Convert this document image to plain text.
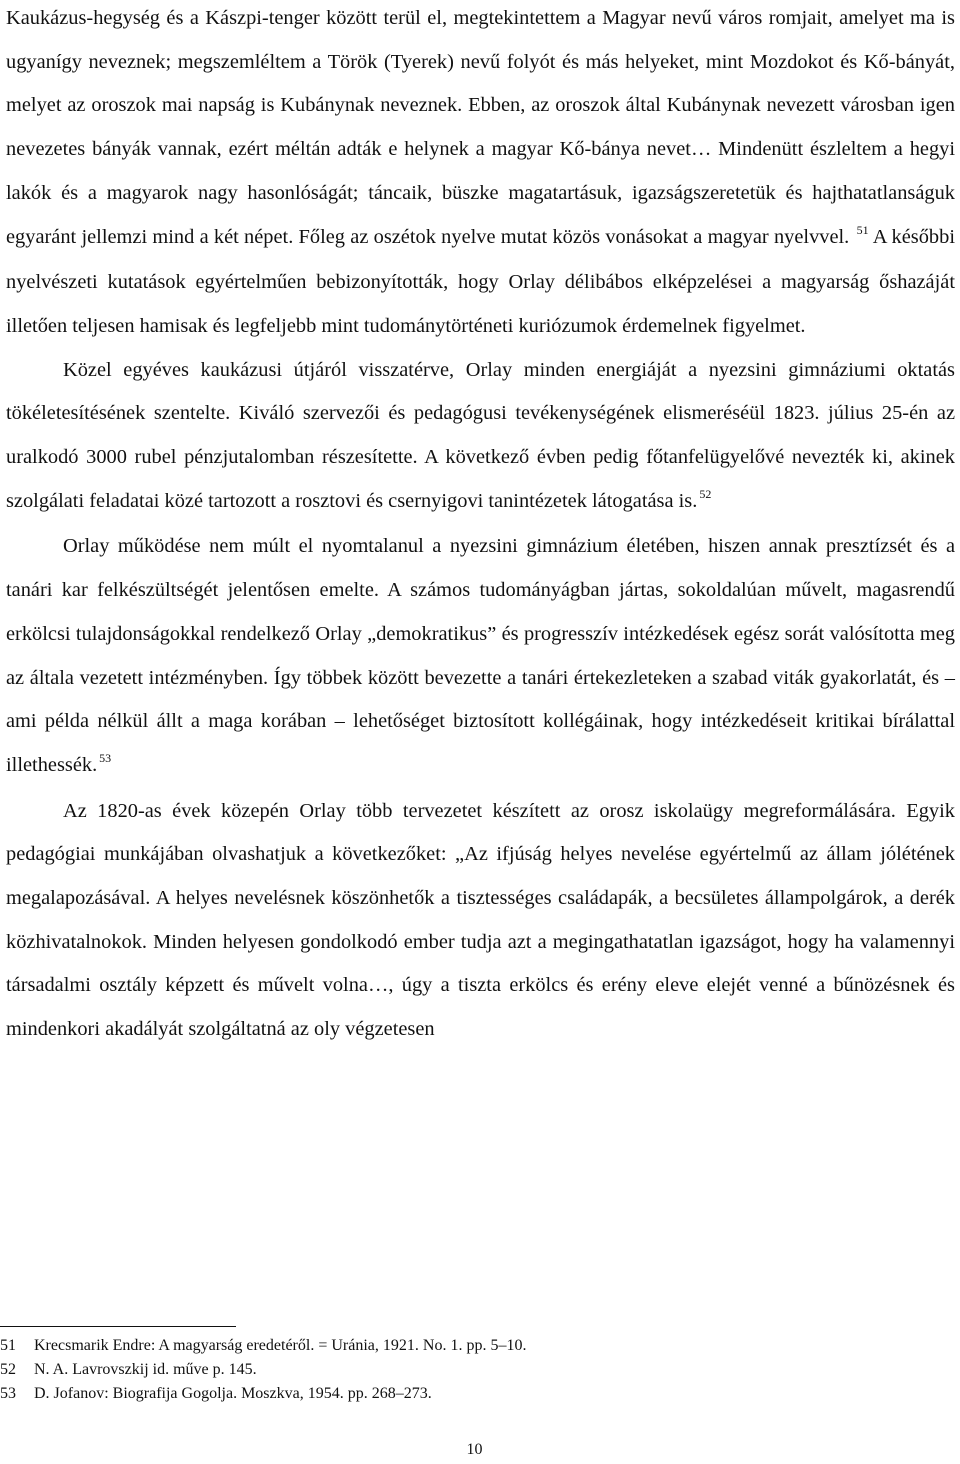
Kaukázus-hegység és a Kászpi-tenger között terül el, megtekintettem a Magyar nevű város romjait, amelyet ma is ugyanígy neveznek; megszemléltem a Török (Tyerek) nevű folyót és más helyeket, mint Mozdokot és Kő-bányát, melyet az oroszok mai napság is Kubánynak neveznek. Ebben, az oroszok által Kubánynak nevezett városban igen nevezetes bányák vannak, ezért méltán adták e helynek a magyar Kő-bánya nevet… Mindenütt észleltem a hegyi lakók és a magyarok nagy hasonlóságát; táncaik, büszke magatartásuk, igazságszeretetük és hajthatatlanságuk egyaránt jellemzi mind a két népet. Főleg az oszétok nyelve mutat közös vonásokat a magyar nyelvvel. $^{51}$ A későbbi nyelvészeti kutatások egyértelműen bebizonyították, hogy Orlay délibábos elképzelései a magyarság őshazáját illetően teljesen hamisak és legfeljebb mint tudománytörténeti kuriózumok érdemelnek figyelmet.

Közel egyéves kaukázusi útjáról visszatérve, Orlay minden energiáját a nyezsini gimnáziumi oktatás tökéletesítésének szentelte. Kiváló szervezői és pedagógusi tevékenységének elismeréséül 1823. július 25-én az uralkodó 3000 rubel pénzjutalomban részesítette. A következő évben pedig főtanfelügyelővé nevezték ki, akinek szolgálati feladatai közé tartozott a rosztovi és csernyigovi tanintézetek látogatása is. $^{52}$

Orlay működése nem múlt el nyomtalanul a nyezsini gimnázium életében, hiszen annak presztízsét és a tanári kar felkészültségét jelentősen emelte. A számos tudományágban jártas, sokoldalúan művelt, magasrendű erkölcsi tulajdonságokkal rendelkező Orlay „demokratikus” és progresszív intézkedések egész sorát valósította meg az általa vezetett intézményben. Így többek között bevezette a tanári értekezleteken a szabad viták gyakorlatát, és – ami példa nélkül állt a maga korában – lehetőséget biztosított kollégáinak, hogy intézkedéseit kritikai bírálattal illethessék. $^{53}$

Az 1820-as évek közepén Orlay több tervezetet készített az orosz iskolaügy megreformálására. Egyik pedagógiai munkájában olvashatjuk a következőket: „Az ifjúság helyes nevelése egyértelmű az állam jólétének megalapozásával. A helyes nevelésnek köszönhetők a tisztességes családapák, a becsületes állampolgárok, a derék közhivatalnokok. Minden helyesen gondolkodó ember tudja azt a megingathatatlan igazságot, hogy ha valamennyi társadalmi osztály képzett és művelt volna…, úgy a tiszta erkölcs és erény eleve elejét venné a bűnözésnek és mindenkori akadályát szolgáltatná az oly végzetesen

51 Krecsmarik Endre: A magyarság eredetéről. = Uránia, 1921. No. 1. pp. 5–10.
52 N. A. Lavrovszkij id. műve p. 145.
53 D. Jofanov: Biografija Gogolja. Moszkva, 1954. pp. 268–273.
10
